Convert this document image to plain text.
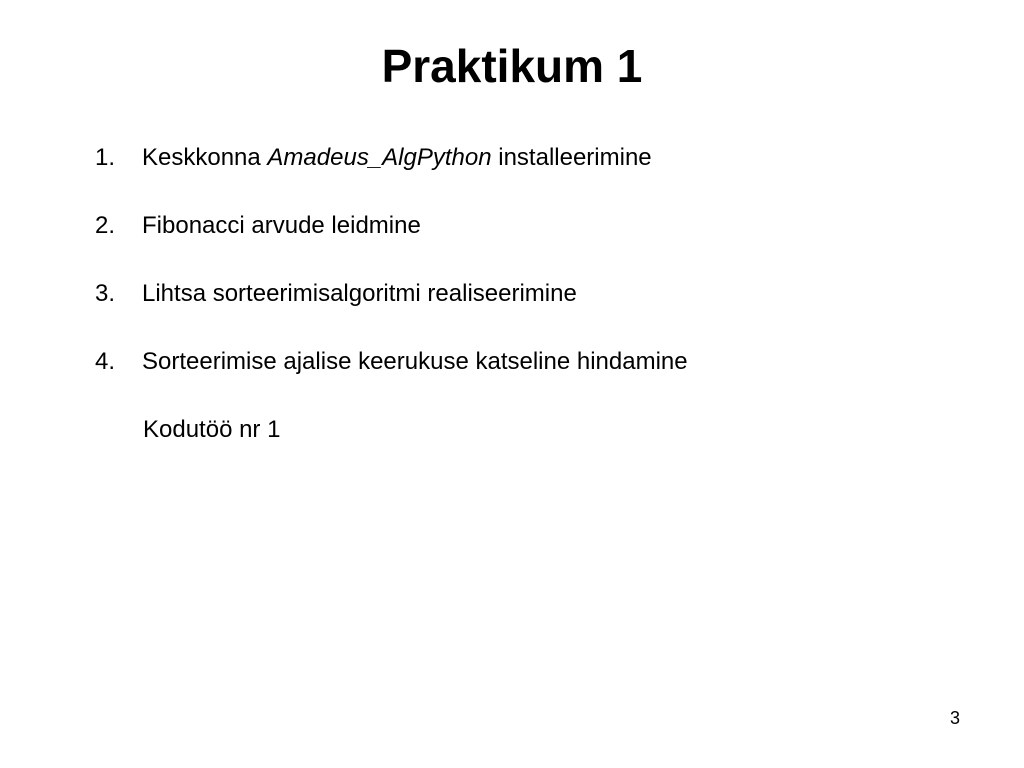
Praktikum 1
1. Keskkonna Amadeus_AlgPython installeerimine
2. Fibonacci arvude leidmine
3. Lihtsa sorteerimisalgoritmi realiseerimine
4. Sorteerimise ajalise keerukuse katseline hindamine
Kodutöö nr 1
3
